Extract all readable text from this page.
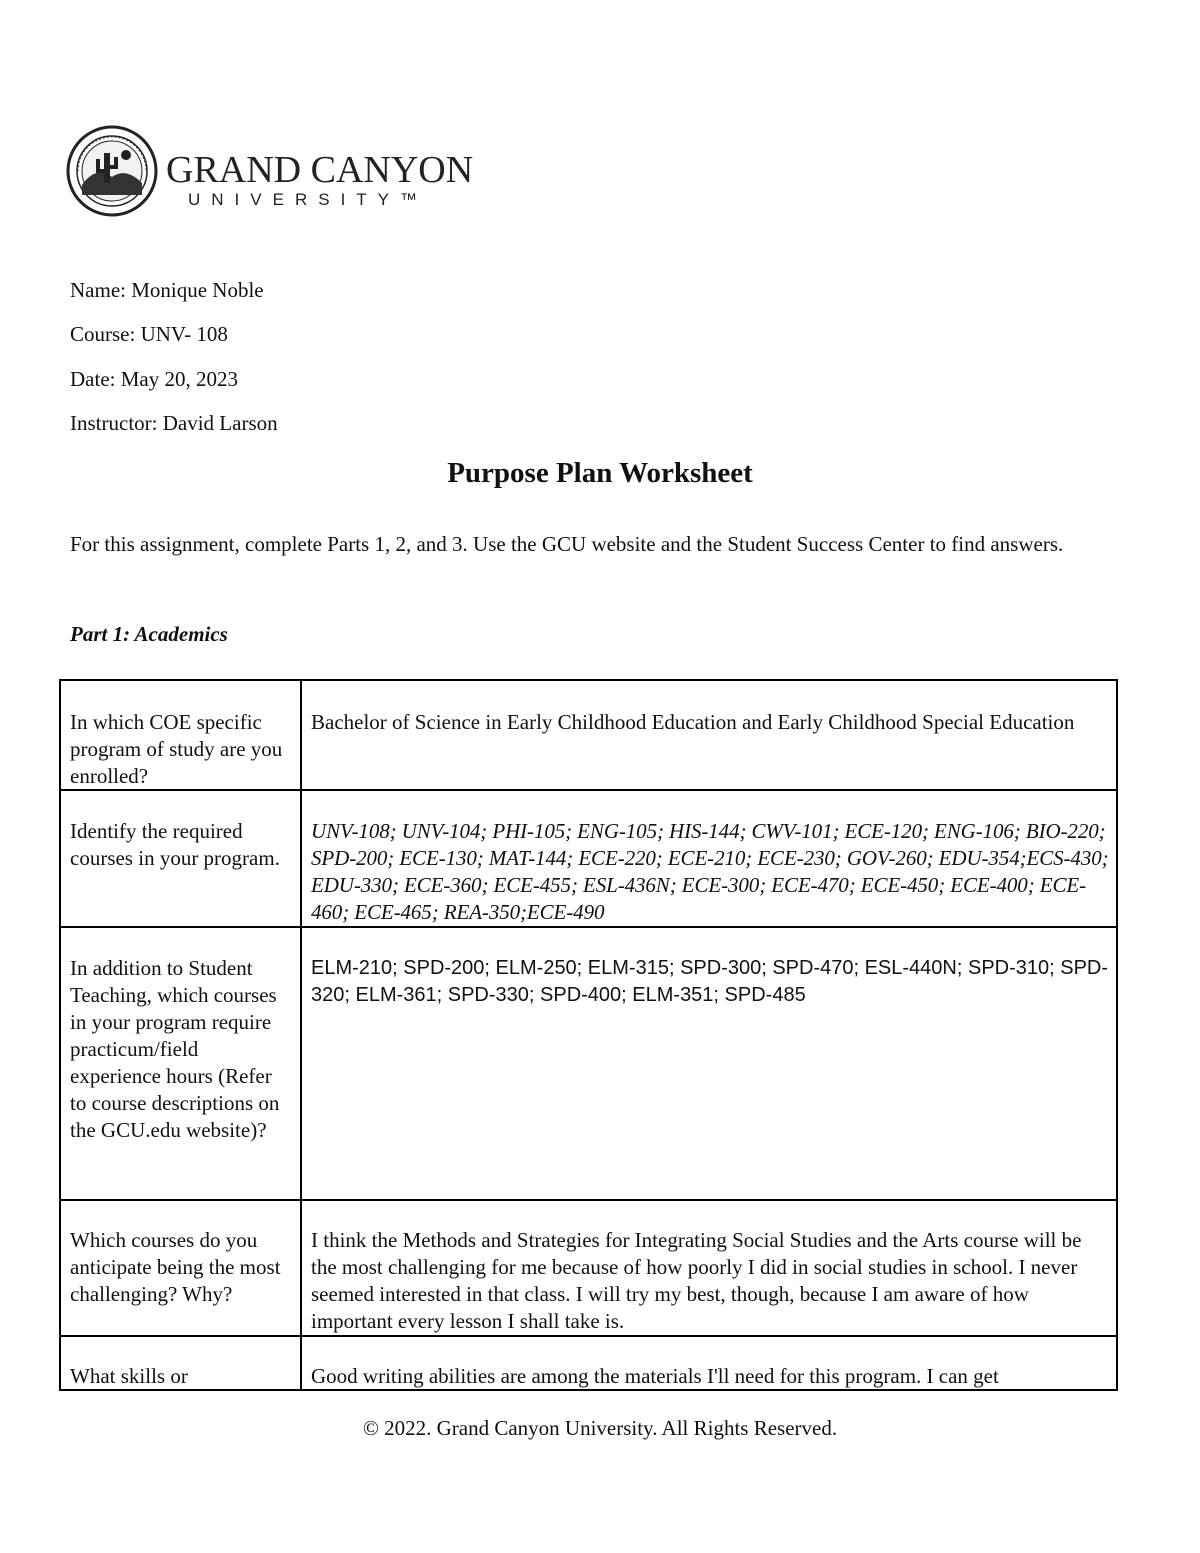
GRAND CANYON
UNIVERSITY™
Name: Monique Noble
Course: UNV- 108
Date: May 20, 2023
Instructor: David Larson
Purpose Plan Worksheet
For this assignment, complete Parts 1, 2, and 3. Use the GCU website and the Student Success Center to find answers.
Part 1: Academics
In which COE specific program of study are you enrolled?
Bachelor of Science in Early Childhood Education and Early Childhood Special Education
Identify the required courses in your program.
UNV-108; UNV-104; PHI-105; ENG-105; HIS-144; CWV-101; ECE-120; ENG-106; BIO-220; SPD-200; ECE-130; MAT-144; ECE-220; ECE-210; ECE-230; GOV-260; EDU-354;ECS-430; EDU-330; ECE-360; ECE-455; ESL-436N; ECE-300; ECE-470; ECE-450; ECE-400; ECE-460; ECE-465; REA-350;ECE-490
In addition to Student Teaching, which courses in your program require practicum/field experience hours (Refer to course descriptions on the GCU.edu website)?
ELM-210; SPD-200; ELM-250; ELM-315; SPD-300; SPD-470; ESL-440N; SPD-310; SPD-320; ELM-361; SPD-330; SPD-400; ELM-351; SPD-485
Which courses do you anticipate being the most challenging? Why?
I think the Methods and Strategies for Integrating Social Studies and the Arts course will be the most challenging for me because of how poorly I did in social studies in school. I never seemed interested in that class. I will try my best, though, because I am aware of how important every lesson I shall take is.
What skills or	Good writing abilities are among the materials I'll need for this program. I can get
© 2022. Grand Canyon University. All Rights Reserved.
